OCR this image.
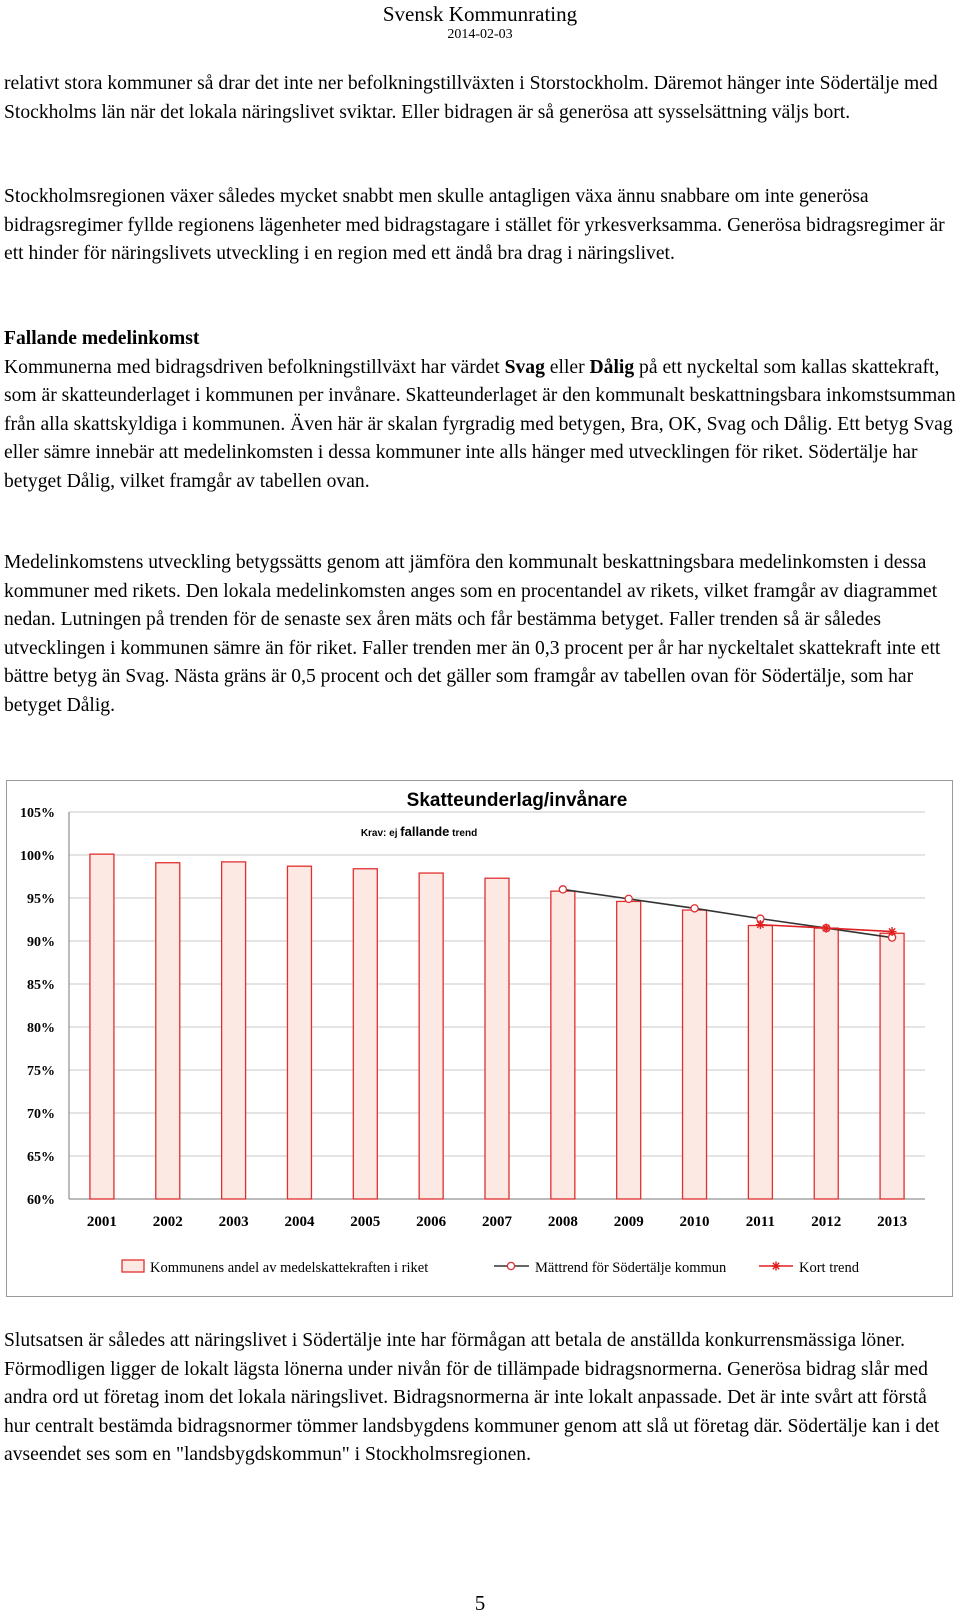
Svensk Kommunrating
2014-02-03

relativt stora kommuner så drar det inte ner befolkningstillväxten i Storstockholm. Däremot hänger inte Södertälje med Stockholms län när det lokala näringslivet sviktar. Eller bidragen är så generösa att sysselsättning väljs bort.

Stockholmsregionen växer således mycket snabbt men skulle antagligen växa ännu snabbare om inte generösa bidragsregimer fyllde regionens lägenheter med bidragstagare i stället för yrkesverksamma. Generösa bidragsregimer är ett hinder för näringslivets utveckling i en region med ett ändå bra drag i näringslivet.

Fallande medelinkomst
Kommunerna med bidragsdriven befolkningstillväxt har värdet Svag eller Dålig på ett nyckeltal som kallas skattekraft, som är skatteunderlaget i kommunen per invånare. Skatteunderlaget är den kommunalt beskattningsbara inkomstsumman från alla skattskyldiga i kommunen. Även här är skalan fyrgradig med betygen, Bra, OK, Svag och Dålig. Ett betyg Svag eller sämre innebär att medelinkomsten i dessa kommuner inte alls hänger med utvecklingen för riket. Södertälje har betyget Dålig, vilket framgår av tabellen ovan.

Medelinkomstens utveckling betygssätts genom att jämföra den kommunalt beskattningsbara medelinkomsten i dessa kommuner med rikets. Den lokala medelinkomsten anges som en procentandel av rikets, vilket framgår av diagrammet nedan. Lutningen på trenden för de senaste sex åren mäts och får bestämma betyget. Faller trenden så är således utvecklingen i kommunen sämre än för riket. Faller trenden mer än 0,3 procent per år har nyckeltalet skattekraft inte ett bättre betyg än Svag. Nästa gräns är 0,5 procent och det gäller som framgår av tabellen ovan för Södertälje, som har betyget Dålig.

Skatteunderlag/invånare
Krav: ej fallande trend
105%
100%
95%
90%
85%
80%
75%
70%
65%
60%
2001 2002 2003 2004 2005 2006 2007 2008 2009 2010 2011 2012 2013
Kommunens andel av medelskattekraften i riket	Mättrend för Södertälje kommun	Kort trend

Slutsatsen är således att näringslivet i Södertälje inte har förmågan att betala de anställda konkurrensmässiga löner. Förmodligen ligger de lokalt lägsta lönerna under nivån för de tillämpade bidragsnormerna. Generösa bidrag slår med andra ord ut företag inom det lokala näringslivet. Bidragsnormerna är inte lokalt anpassade. Det är inte svårt att förstå hur centralt bestämda bidragsnormer tömmer landsbygdens kommuner genom att slå ut företag där. Södertälje kan i det avseendet ses som en "landsbygdskommun" i Stockholmsregionen.

5
